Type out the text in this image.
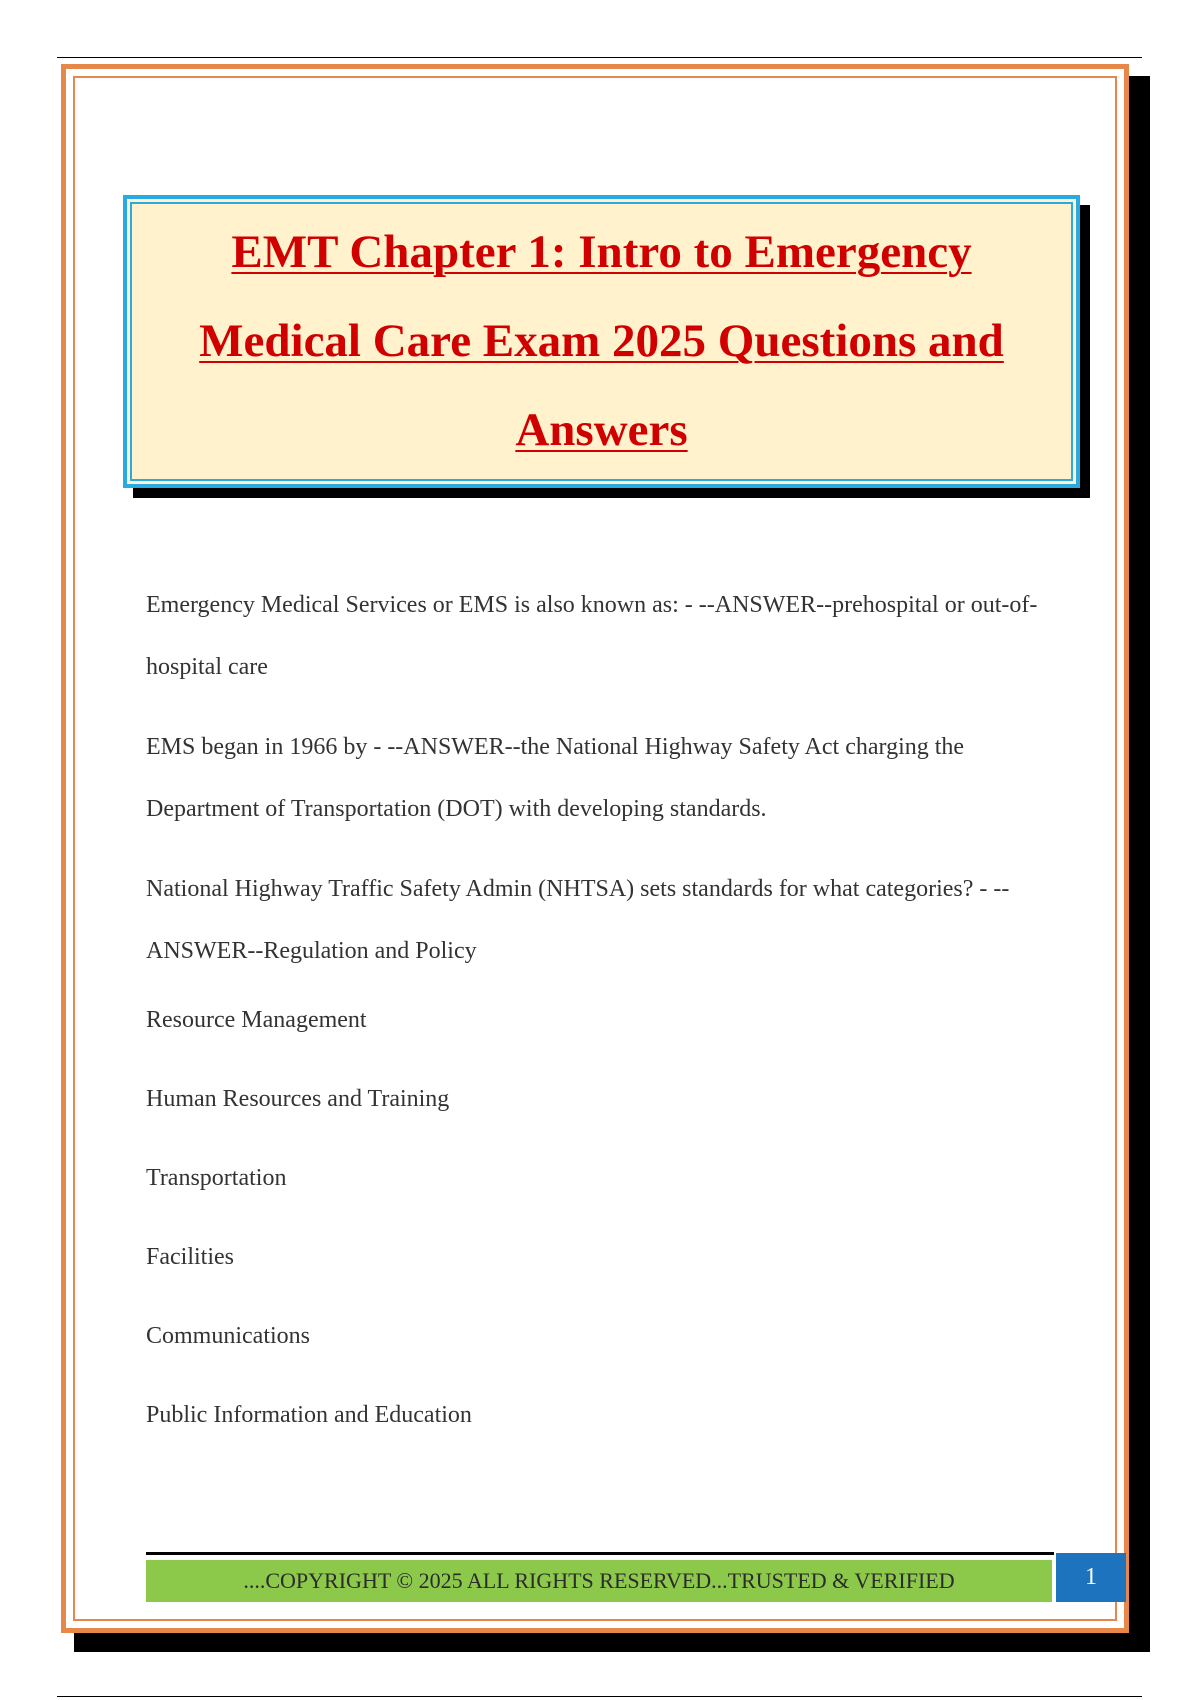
EMT Chapter 1: Intro to Emergency Medical Care Exam 2025 Questions and Answers
Emergency Medical Services or EMS is also known as: - --ANSWER--prehospital or out-of-hospital care
EMS began in 1966 by - --ANSWER--the National Highway Safety Act charging the Department of Transportation (DOT) with developing standards.
National Highway Traffic Safety Admin (NHTSA) sets standards for what categories? - --ANSWER--Regulation and Policy

Resource Management

Human Resources and Training

Transportation

Facilities

Communications

Public Information and Education

....COPYRIGHT © 2025 ALL RIGHTS RESERVED...TRUSTED & VERIFIED	1
